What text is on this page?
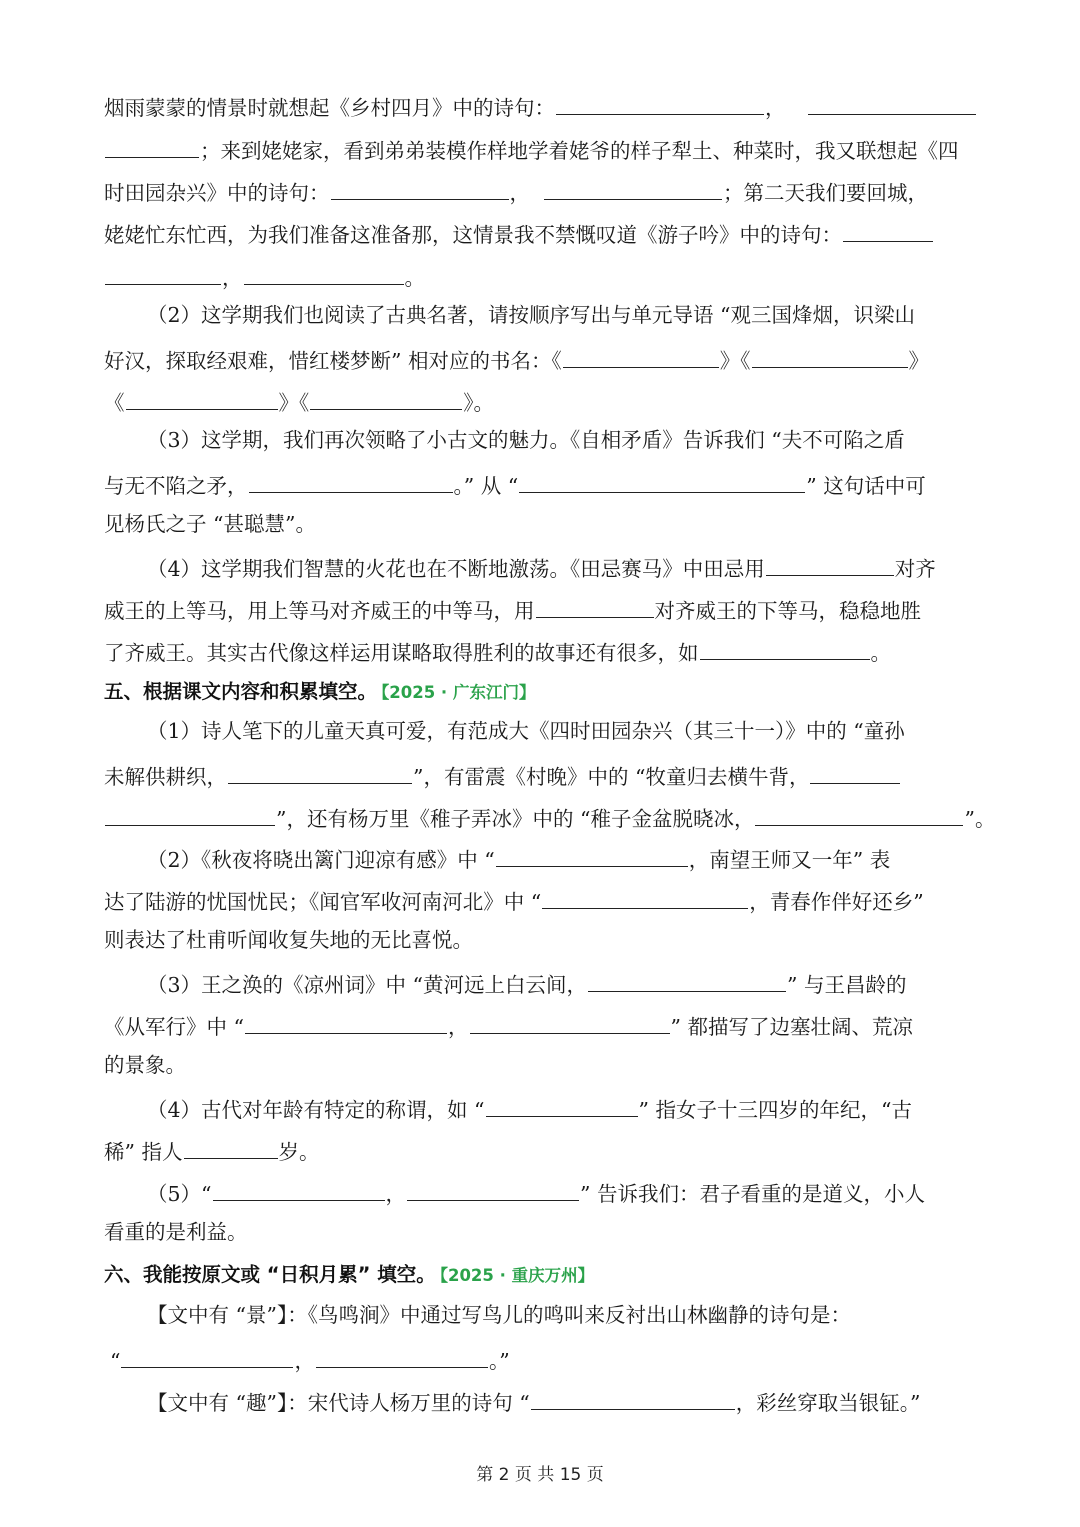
烟雨蒙蒙的情景时就想起《乡村四月》中的诗句：	，
；来到姥姥家，看到弟弟装模作样地学着姥爷的样子犁土、种菜时，我又联想起《四
时田园杂兴》中的诗句：	，	；第二天我们要回城，
姥姥忙东忙西，为我们准备这准备那，这情景我不禁慨叹道《游子吟》中的诗句：
，	。
（2）这学期我们也阅读了古典名著，请按顺序写出与单元导语 “观三国烽烟，识梁山
好汉，探取经艰难，惜红楼梦断” 相对应的书名：《	》《	》
《	》《	》。
（3）这学期，我们再次领略了小古文的魅力。《自相矛盾》告诉我们 “夫不可陷之盾
与无不陷之矛，	。” 从 “	” 这句话中可
见杨氏之子 “甚聪慧”。
（4）这学期我们智慧的火花也在不断地激荡。《田忌赛马》中田忌用	对齐
威王的上等马，用上等马对齐威王的中等马，用	对齐威王的下等马，稳稳地胜
了齐威王。其实古代像这样运用谋略取得胜利的故事还有很多，如	。
五、根据课文内容和积累填空。 【2025 · 广东江门】
（1）诗人笔下的儿童天真可爱，有范成大《四时田园杂兴（其三十一）》中的 “童孙
未解供耕织，	”，有雷震《村晚》中的 “牧童归去横牛背，
”，还有杨万里《稚子弄冰》中的 “稚子金盆脱晓冰，	”。
（2）《秋夜将晓出篱门迎凉有感》中 “	，南望王师又一年” 表
达了陆游的忧国忧民；《闻官军收河南河北》中 “	，青春作伴好还乡”
则表达了杜甫听闻收复失地的无比喜悦。
（3）王之涣的《凉州词》中 “黄河远上白云间，	” 与王昌龄的
《从军行》中 “	，	” 都描写了边塞壮阔、荒凉
的景象。
（4）古代对年龄有特定的称谓，如 “	” 指女子十三四岁的年纪，“古
稀” 指人	岁。
（5）“	，	” 告诉我们：君子看重的是道义，小人
看重的是利益。
六、我能按原文或 “日积月累” 填空。 【2025 · 重庆万州】
【文中有 “景”】：《鸟鸣涧》中通过写鸟儿的鸣叫来反衬出山林幽静的诗句是：
“	，	。”
【文中有 “趣”】：宋代诗人杨万里的诗句 “	，彩丝穿取当银钲。”
第 2 页 共 15 页
